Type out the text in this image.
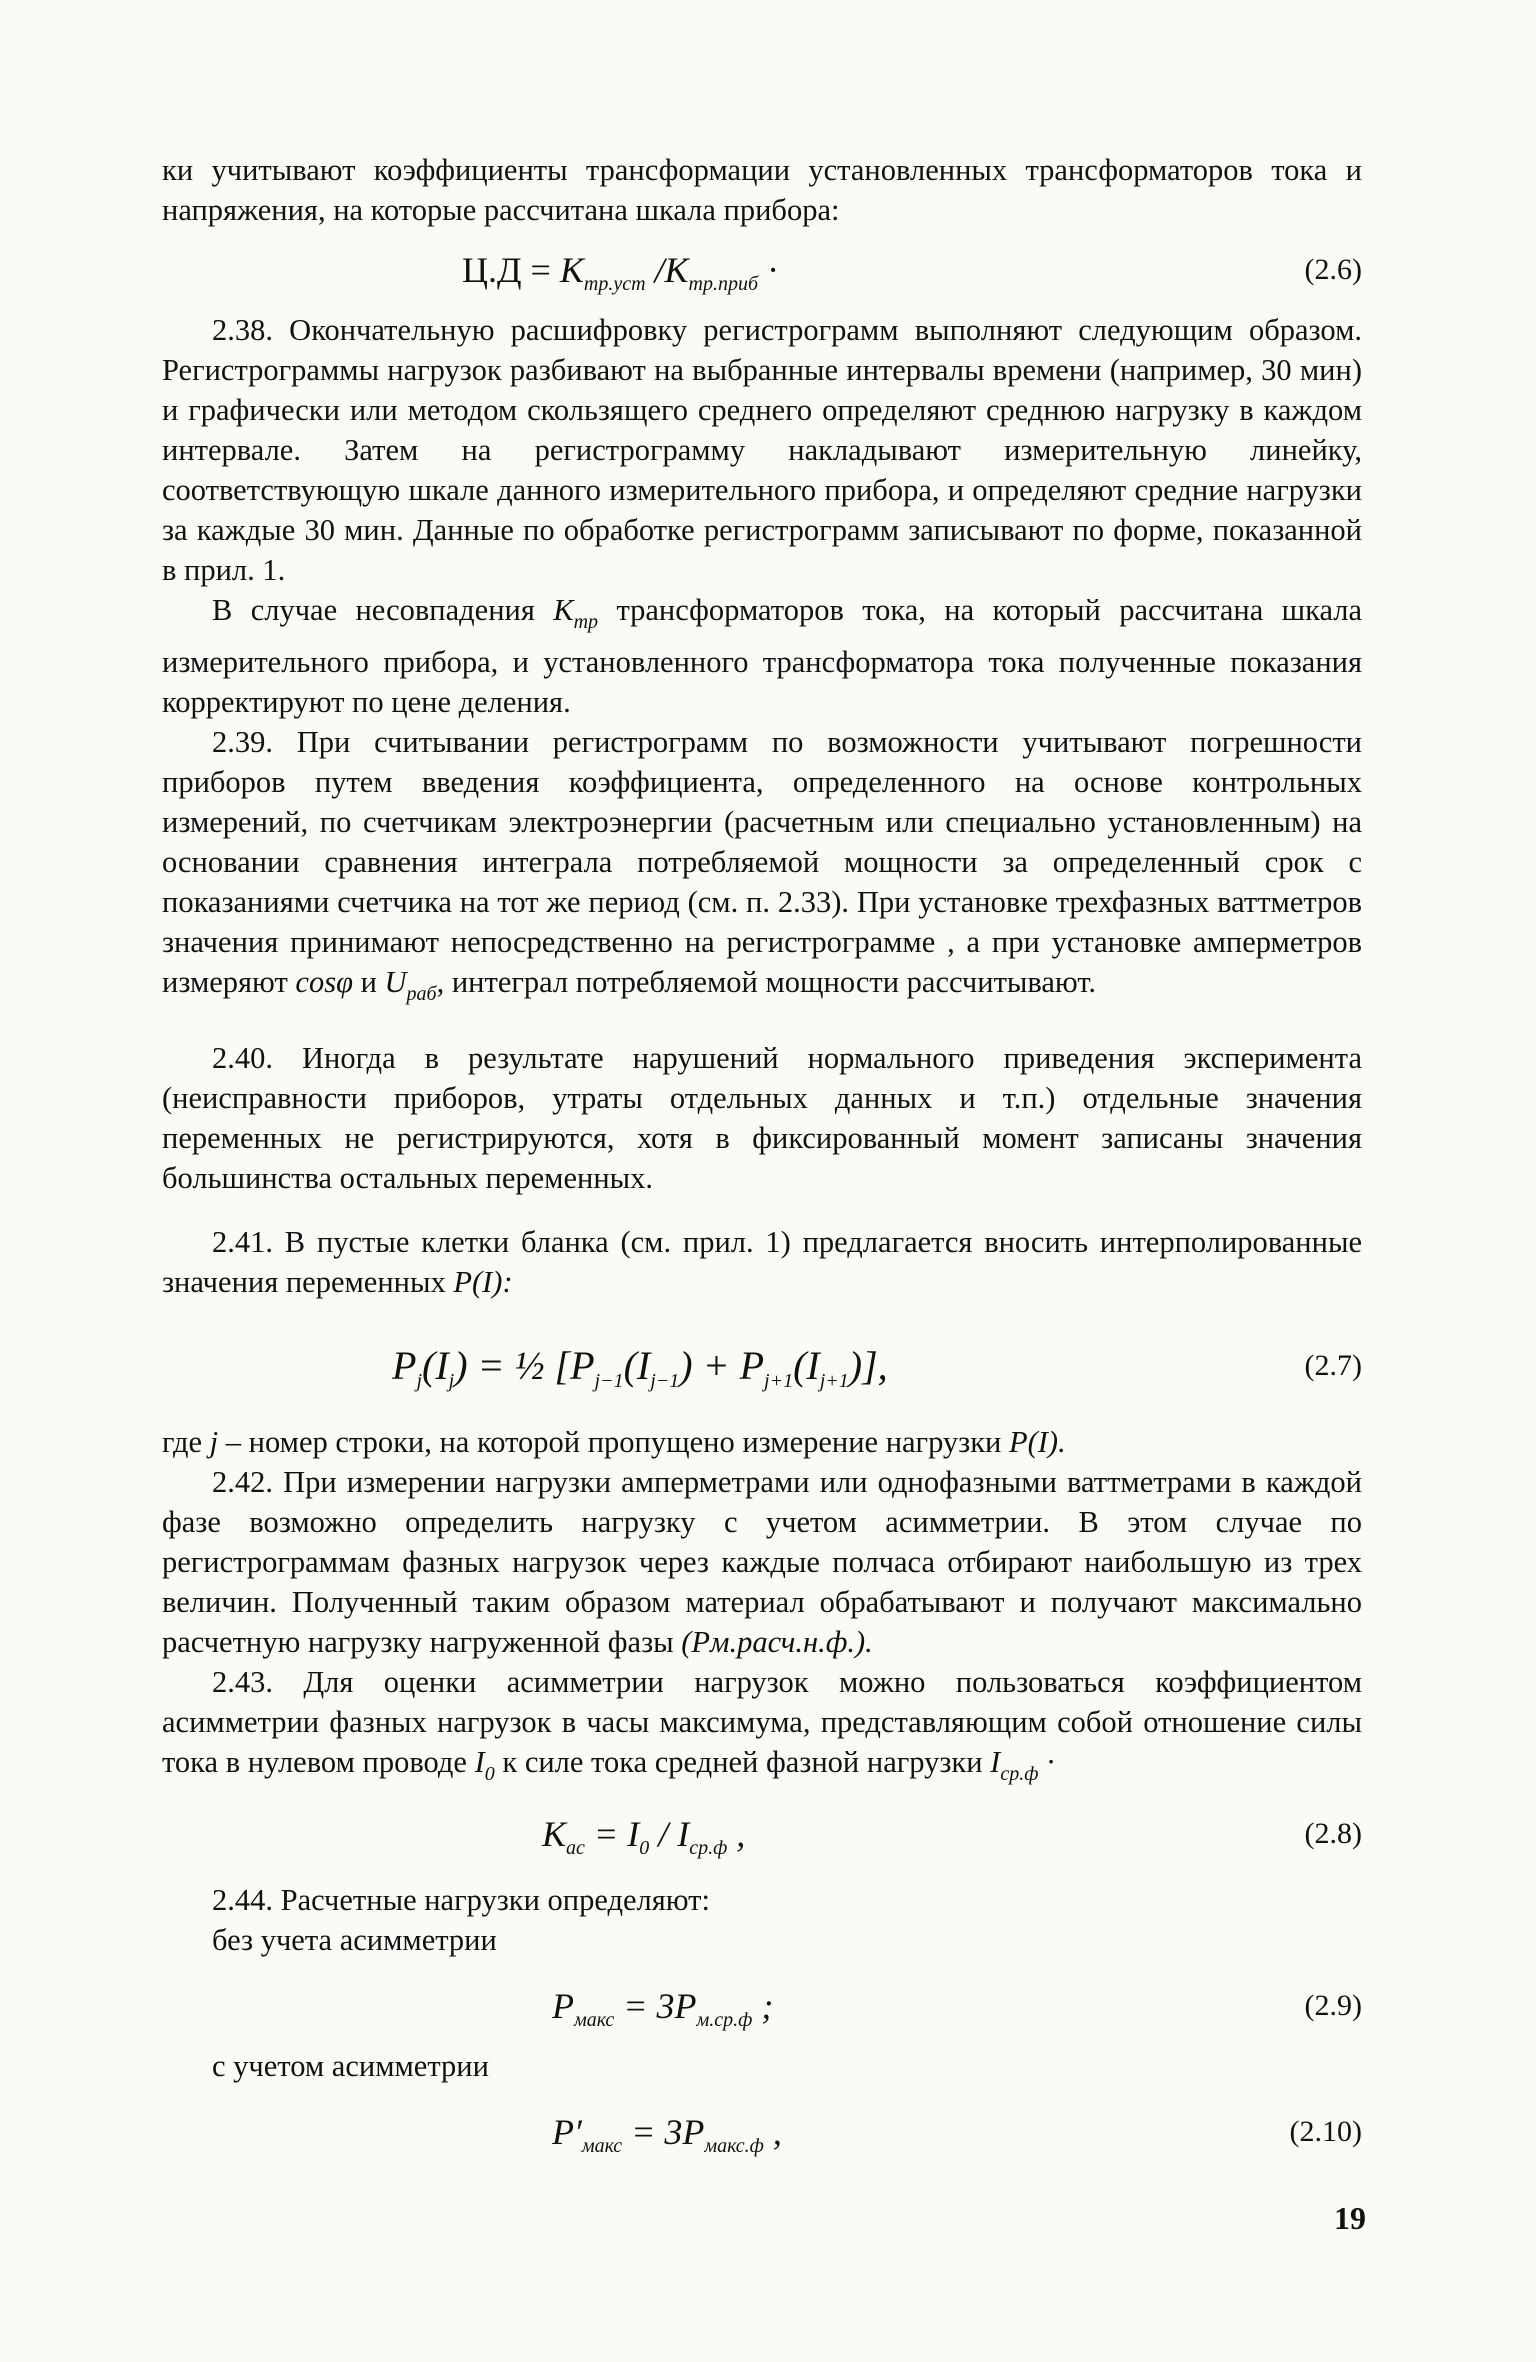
ки учитывают коэффициенты трансформации установленных трансформаторов тока и напряжения, на которые рассчитана шкала прибора:

$Ц.Д = K_{тр.уст}$ $/K_{тр.приб}$ ·	(2.6)

2.38. Окончательную расшифровку регистрограмм выполняют следующим образом. Регистрограммы нагрузок разбивают на выбранные интервалы времени (например, 30 мин) и графически или методом скользящего среднего определяют среднюю нагрузку в каждом интервале. Затем на регистрограмму накладывают измерительную линейку, соответствующую шкале данного измерительного прибора, и определяют средние нагрузки за каждые 30 мин. Данные по обработке регистрограмм записывают по форме, показанной в прил. 1.

В случае несовпадения $K_{тр}$ трансформаторов тока, на который рассчитана шкала измерительного прибора, и установленного трансформатора тока полученные показания корректируют по цене деления.

2.39. При считывании регистрограмм по возможности учитывают погрешности приборов путем введения коэффициента, определенного на основе контрольных измерений, по счетчикам электроэнергии (расчетным или специально установленным) на основании сравнения интеграла потребляемой мощности за определенный срок с показаниями счетчика на тот же период (см. п. 2.33). При установке трехфазных ваттметров значения принимают непосредственно на регистрограмме , а при установке амперметров измеряют cosφ и $U_{раб}$, интеграл потребляемой мощности рассчитывают.

2.40. Иногда в результате нарушений нормального приведения эксперимента (неисправности приборов, утраты отдельных данных и т.п.) отдельные значения переменных не регистрируются, хотя в фиксированный момент записаны значения большинства остальных переменных.

2.41. В пустые клетки бланка (см. прил. 1) предлагается вносить интерполированные значения переменных P(I):

$P_j(I_j)$ = ½ $[P_{j-1}(I_{j-1}) + P_{j+1}(I_{j+1})]$,	(2.7)

где j – номер строки, на которой пропущено измерение нагрузки P(I).

2.42. При измерении нагрузки амперметрами или однофазными ваттметрами в каждой фазе возможно определить нагрузку с учетом асимметрии. В этом случае по регистрограммам фазных нагрузок через каждые полчаса отбирают наибольшую из трех величин. Полученный таким образом материал обрабатывают и получают максимально расчетную нагрузку нагруженной фазы (Pм.расч.н.ф.).

2.43. Для оценки асимметрии нагрузок можно пользоваться коэффициентом асимметрии фазных нагрузок в часы максимума, представляющим собой отношение силы тока в нулевом проводе $I_0$ к силе тока средней фазной нагрузки $I_{ср.ф}$ ·

$K_{ас} = I_0 / I_{ср.ф}$ ,	(2.8)

2.44. Расчетные нагрузки определяют:

без учета асимметрии

$P_{макс} = 3P_{м.ср.ф}$ ;	(2.9)

с учетом асимметрии

$P'_{макс} = 3P_{макс.ф}$ ,	(2.10)
19
